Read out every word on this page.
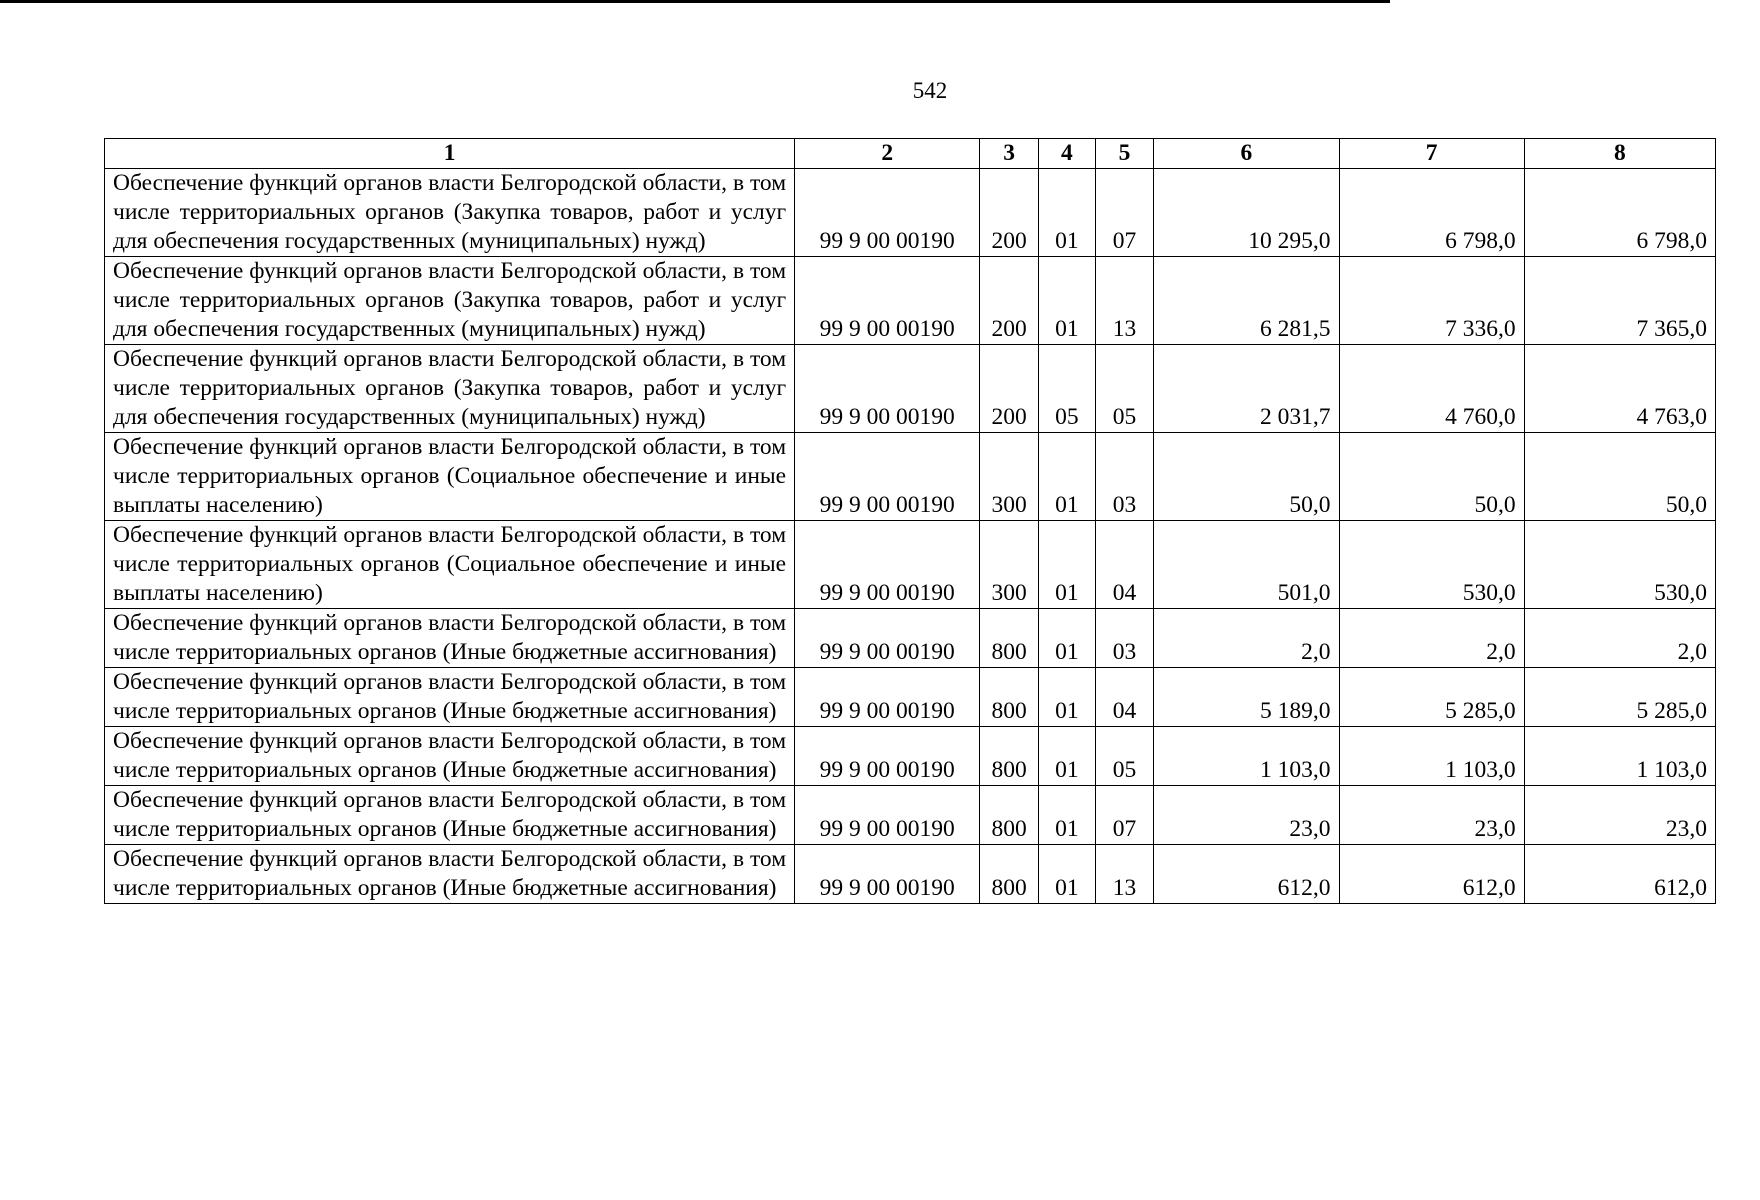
542
1	2	3	4	5	6	7	8
Обеспечение функций органов власти Белгородской области, в том числе территориальных органов (Закупка товаров, работ и услуг для обеспечения государственных (муниципальных) нужд)	99 9 00 00190	200	01	07	10 295,0	6 798,0	6 798,0
Обеспечение функций органов власти Белгородской области, в том числе территориальных органов (Закупка товаров, работ и услуг для обеспечения государственных (муниципальных) нужд)	99 9 00 00190	200	01	13	6 281,5	7 336,0	7 365,0
Обеспечение функций органов власти Белгородской области, в том числе территориальных органов (Закупка товаров, работ и услуг для обеспечения государственных (муниципальных) нужд)	99 9 00 00190	200	05	05	2 031,7	4 760,0	4 763,0
Обеспечение функций органов власти Белгородской области, в том числе территориальных органов (Социальное обеспечение и иные выплаты населению)	99 9 00 00190	300	01	03	50,0	50,0	50,0
Обеспечение функций органов власти Белгородской области, в том числе территориальных органов (Социальное обеспечение и иные выплаты населению)	99 9 00 00190	300	01	04	501,0	530,0	530,0
Обеспечение функций органов власти Белгородской области, в том числе территориальных органов (Иные бюджетные ассигнования)	99 9 00 00190	800	01	03	2,0	2,0	2,0
Обеспечение функций органов власти Белгородской области, в том числе территориальных органов (Иные бюджетные ассигнования)	99 9 00 00190	800	01	04	5 189,0	5 285,0	5 285,0
Обеспечение функций органов власти Белгородской области, в том числе территориальных органов (Иные бюджетные ассигнования)	99 9 00 00190	800	01	05	1 103,0	1 103,0	1 103,0
Обеспечение функций органов власти Белгородской области, в том числе территориальных органов (Иные бюджетные ассигнования)	99 9 00 00190	800	01	07	23,0	23,0	23,0
Обеспечение функций органов власти Белгородской области, в том числе территориальных органов (Иные бюджетные ассигнования)	99 9 00 00190	800	01	13	612,0	612,0	612,0
